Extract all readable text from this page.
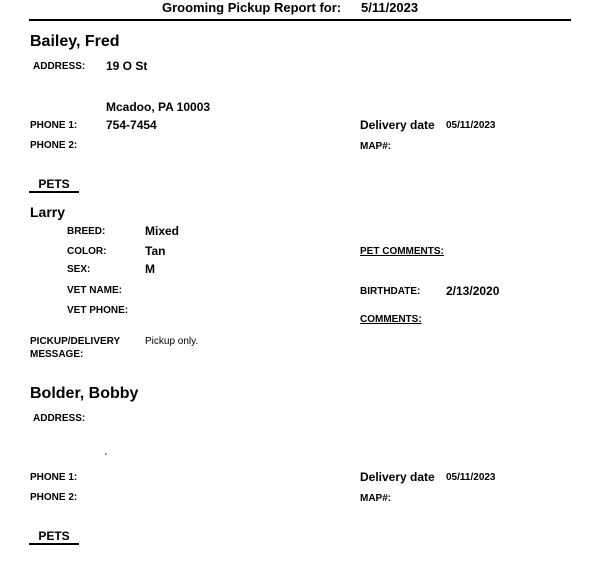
Grooming Pickup Report for: 5/11/2023
Bailey, Fred
ADDRESS: 19 O St
Mcadoo, PA 10003
PHONE 1: 754-7454	Delivery date 05/11/2023
PHONE 2:	MAP#:
PETS
Larry
BREED:	Mixed
COLOR:	Tan	PET COMMENTS:
SEX:	M
VET NAME:	BIRTHDATE: 2/13/2020
VET PHONE:
COMMENTS:
PICKUP/DELIVERY
MESSAGE:
Pickup only.
Bolder, Bobby
ADDRESS:
'
PHONE 1:	Delivery date 05/11/2023
PHONE 2:	MAP#:
PETS
